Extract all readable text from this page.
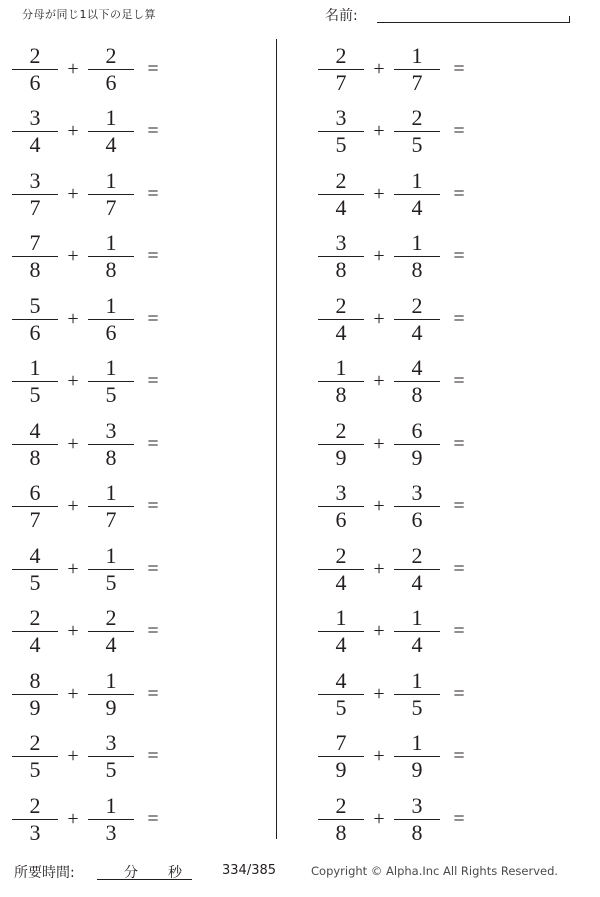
分母が同じ1以下の足し算	名前:
$\frac{2}{6} + \frac{2}{6}$ =
$\frac{3}{4} + \frac{1}{4}$ =
$\frac{3}{7} + \frac{1}{7}$ =
$\frac{7}{8} + \frac{1}{8}$ =
$\frac{5}{6} + \frac{1}{6}$ =
$\frac{1}{5} + \frac{1}{5}$ =
$\frac{4}{8} + \frac{3}{8}$ =
$\frac{6}{7} + \frac{1}{7}$ =
$\frac{4}{5} + \frac{1}{5}$ =
$\frac{2}{4} + \frac{2}{4}$ =
$\frac{8}{9} + \frac{1}{9}$ =
$\frac{2}{5} + \frac{3}{5}$ =
$\frac{2}{3} + \frac{1}{3}$ =
$\frac{2}{7} + \frac{1}{7}$ =
$\frac{3}{5} + \frac{2}{5}$ =
$\frac{2}{4} + \frac{1}{4}$ =
$\frac{3}{8} + \frac{1}{8}$ =
$\frac{2}{4} + \frac{2}{4}$ =
$\frac{1}{8} + \frac{4}{8}$ =
$\frac{2}{9} + \frac{6}{9}$ =
$\frac{3}{6} + \frac{3}{6}$ =
$\frac{2}{4} + \frac{2}{4}$ =
$\frac{1}{4} + \frac{1}{4}$ =
$\frac{4}{5} + \frac{1}{5}$ =
$\frac{7}{9} + \frac{1}{9}$ =
$\frac{2}{8} + \frac{3}{8}$ =
所要時間:	分 秒	334/385	Copyright © Alpha.Inc All Rights Reserved.
